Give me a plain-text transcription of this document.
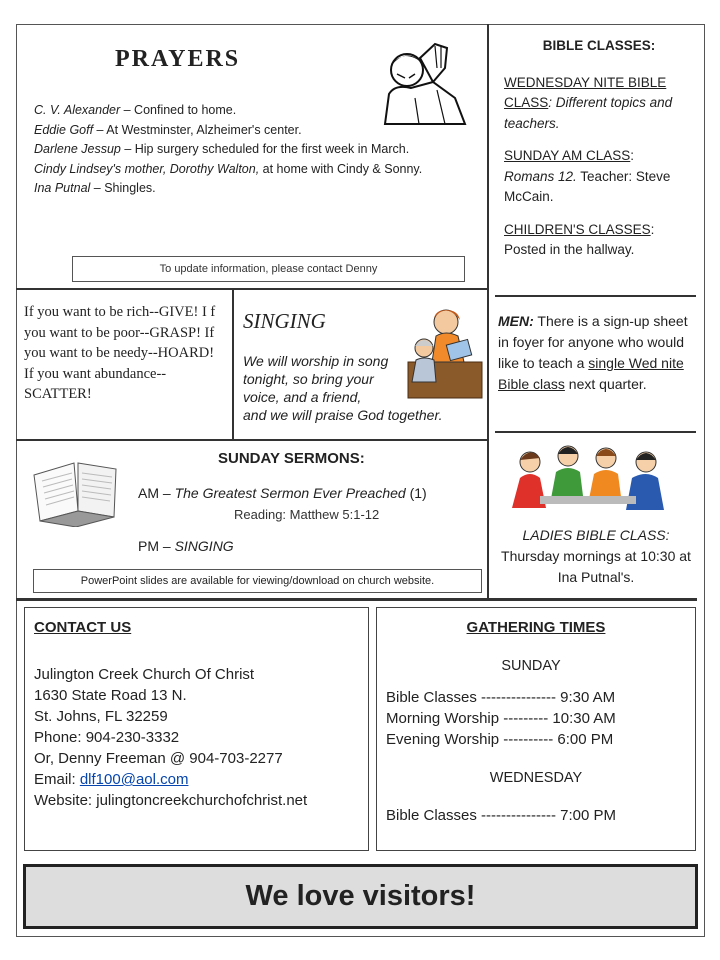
PRAYERS
C. V. Alexander – Confined to home.
Eddie Goff – At Westminster, Alzheimer's center.
Darlene Jessup – Hip surgery scheduled for the first week in March.
Cindy Lindsey's mother, Dorothy Walton, at home with Cindy & Sonny.
Ina Putnal – Shingles.
To update information, please contact Denny
BIBLE CLASSES:
WEDNESDAY NITE BIBLE CLASS: Different topics and teachers.
SUNDAY AM CLASS:
Romans 12. Teacher: Steve McCain.
CHILDREN'S CLASSES: Posted in the hallway.
If you want to be rich--GIVE! I f you want to be poor--GRASP! If you want to be needy--HOARD! If you want abundance--SCATTER!
SINGING
We will worship in song
tonight, so bring your
voice, and a friend,
and we will praise God together.
MEN: There is a sign-up sheet in foyer for anyone who would like to teach a single Wed nite Bible class next quarter.
SUNDAY SERMONS:
AM – The Greatest Sermon Ever Preached (1)
Reading: Matthew 5:1-12
PM – SINGING
PowerPoint slides are available for viewing/download on church website.
LADIES BIBLE CLASS:
Thursday mornings at 10:30 at Ina Putnal's.
CONTACT US
Julington Creek Church Of Christ
1630 State Road 13 N.
St. Johns, FL 32259
Phone: 904-230-3332
Or, Denny Freeman @ 904-703-2277
Email: dlf100@aol.com
Website: julingtoncreekchurchofchrist.net
GATHERING TIMES
SUNDAY
Bible Classes --------------- 9:30 AM
Morning Worship --------- 10:30 AM
Evening Worship ---------- 6:00 PM
WEDNESDAY
Bible Classes --------------- 7:00 PM
We love visitors!
